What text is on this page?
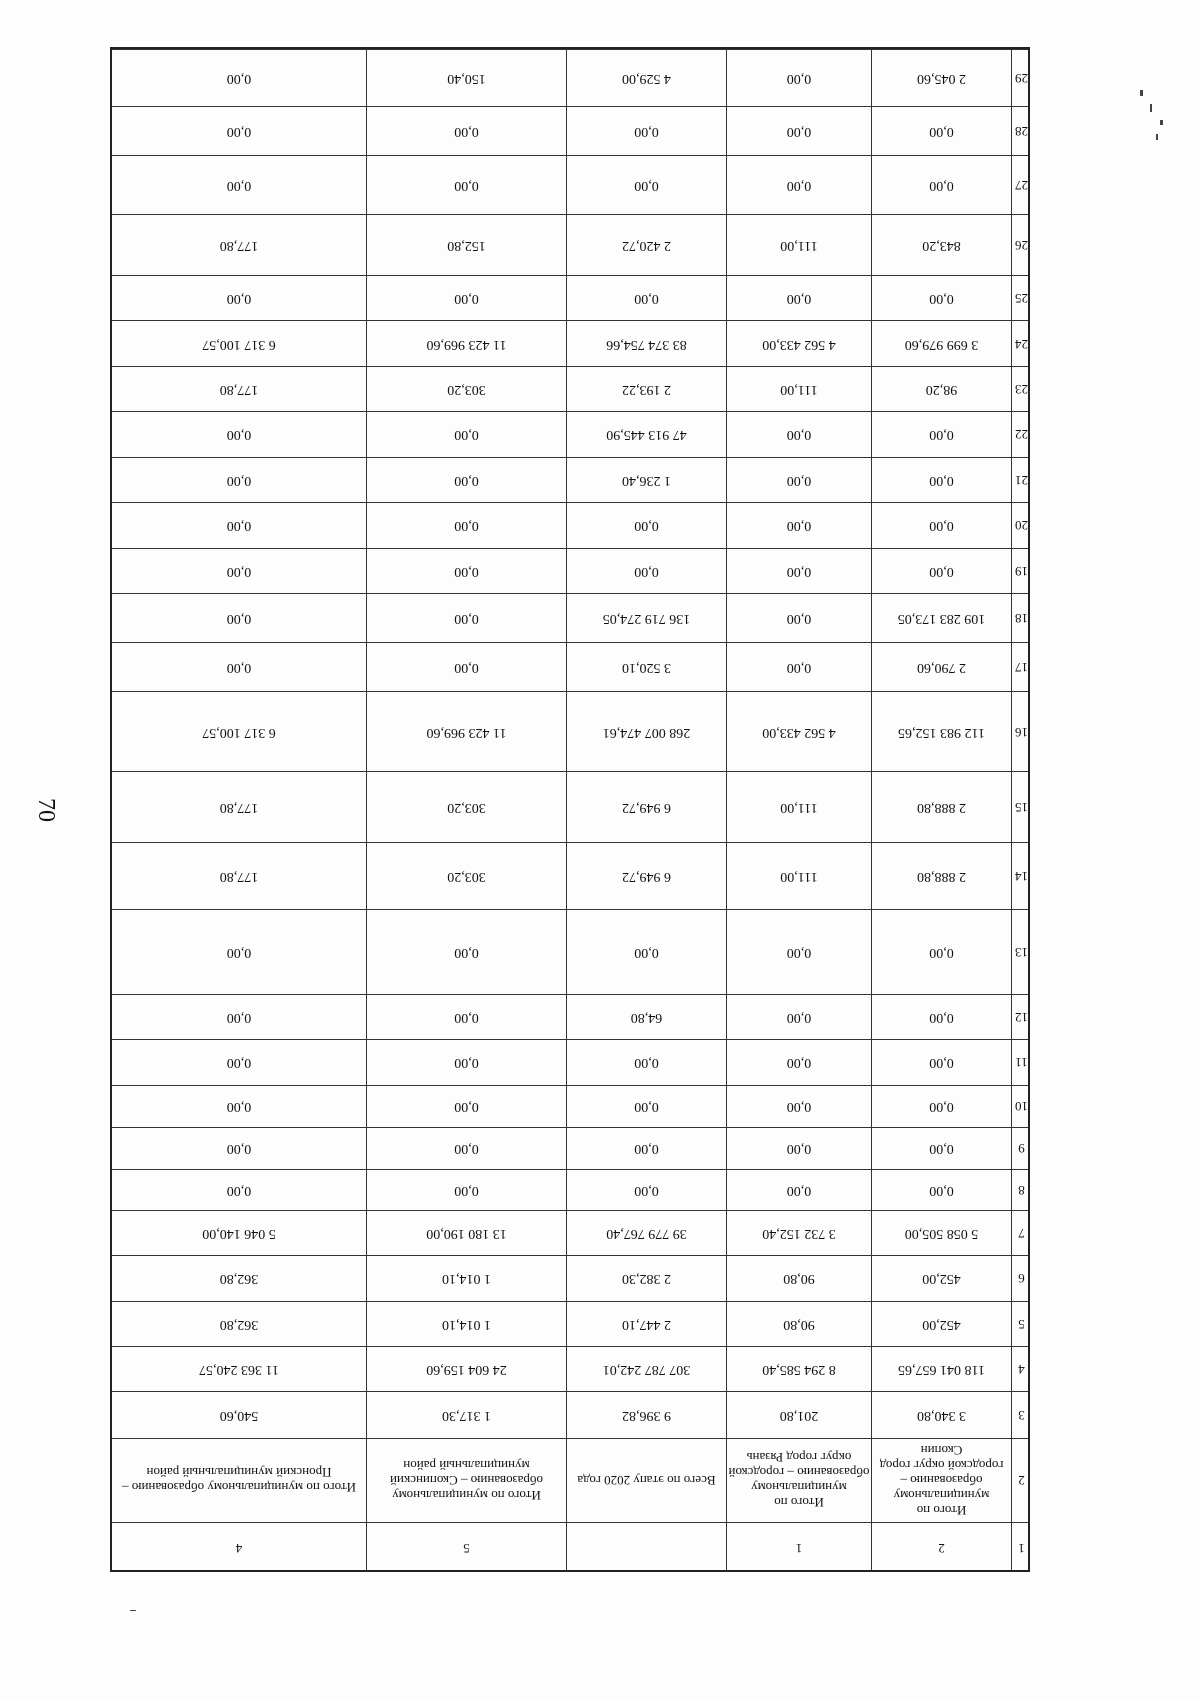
70
1	2	1		5	4
2	Итого по муниципальному образованию – городской округ город Скопин	Итого по муниципальному образованию – городской округ город Рязань	Всего по этапу 2020 года	Итого по муниципальному образованию – Скопинский муниципальный район	Итого по муниципальному образованию – Пронский муниципальный район
3	3 340,80	201,80	9 396,82	1 317,30	540,60
4	118 041 657,65	8 294 585,40	307 787 242,01	24 604 159,60	11 363 240,57
5	452,00	90,80	2 447,10	1 014,10	362,80
6	452,00	90,80	2 382,30	1 014,10	362,80
7	5 058 505,00	3 732 152,40	39 779 767,40	13 180 190,00	5 046 140,00
8	0,00	0,00	0,00	0,00	0,00
9	0,00	0,00	0,00	0,00	0,00
10	0,00	0,00	0,00	0,00	0,00
11	0,00	0,00	0,00	0,00	0,00
12	0,00	0,00	64,80	0,00	0,00
13	0,00	0,00	0,00	0,00	0,00
14	2 888,80	111,00	6 949,72	303,20	177,80
15	2 888,80	111,00	6 949,72	303,20	177,80
16	112 983 152,65	4 562 433,00	268 007 474,61	11 423 969,60	6 317 100,57
17	2 790,60	0,00	3 520,10	0,00	0,00
18	109 283 173,05	0,00	136 719 274,05	0,00	0,00
19	0,00	0,00	0,00	0,00	0,00
20	0,00	0,00	0,00	0,00	0,00
21	0,00	0,00	1 236,40	0,00	0,00
22	0,00	0,00	47 913 445,90	0,00	0,00
23	98,20	111,00	2 193,22	303,20	177,80
24	3 699 979,60	4 562 433,00	83 374 754,66	11 423 969,60	6 317 100,57
25	0,00	0,00	0,00	0,00	0,00
26	843,20	111,00	2 420,72	152,80	177,80
27	0,00	0,00	0,00	0,00	0,00
28	0,00	0,00	0,00	0,00	0,00
29	2 045,60	0,00	4 529,00	150,40	0,00
